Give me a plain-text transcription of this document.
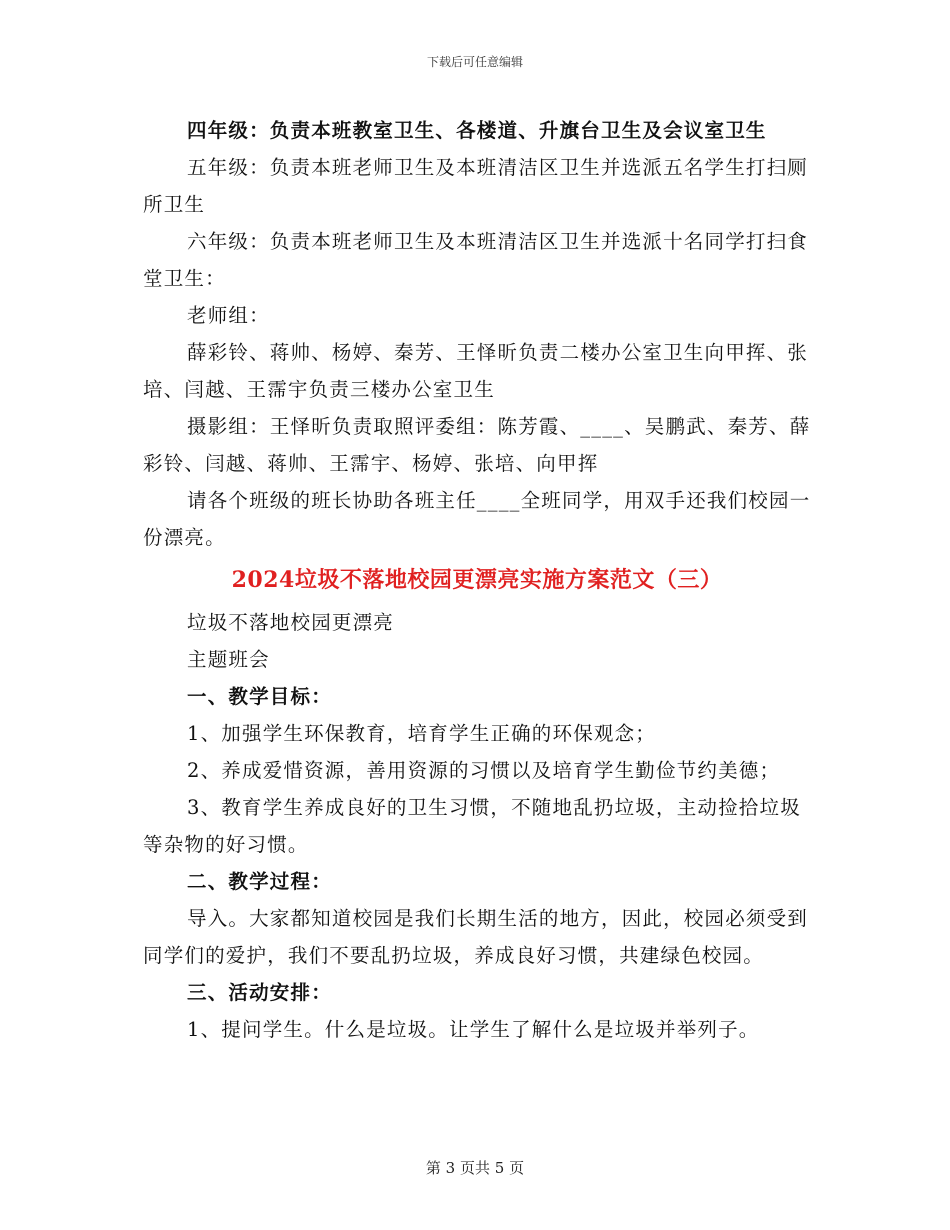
下载后可任意编辑

四年级：负责本班教室卫生、各楼道、升旗台卫生及会议室卫生

五年级：负责本班老师卫生及本班清洁区卫生并选派五名学生打扫厕所卫生

六年级：负责本班老师卫生及本班清洁区卫生并选派十名同学打扫食堂卫生：

老师组：

薛彩铃、蒋帅、杨婷、秦芳、王怿昕负责二楼办公室卫生向甲挥、张培、闫越、王霈宇负责三楼办公室卫生

摄影组：王怿昕负责取照评委组：陈芳霞、____、吴鹏武、秦芳、薛彩铃、闫越、蒋帅、王霈宇、杨婷、张培、向甲挥

请各个班级的班长协助各班主任____全班同学，用双手还我们校园一份漂亮。

2024垃圾不落地校园更漂亮实施方案范文（三）

垃圾不落地校园更漂亮

主题班会

一、教学目标：

1、加强学生环保教育，培育学生正确的环保观念；

2、养成爱惜资源，善用资源的习惯以及培育学生勤俭节约美德；

3、教育学生养成良好的卫生习惯，不随地乱扔垃圾，主动捡拾垃圾等杂物的好习惯。

二、教学过程：

导入。大家都知道校园是我们长期生活的地方，因此，校园必须受到同学们的爱护，我们不要乱扔垃圾，养成良好习惯，共建绿色校园。

三、活动安排：

1、提问学生。什么是垃圾。让学生了解什么是垃圾并举列子。

第 3 页共 5 页
